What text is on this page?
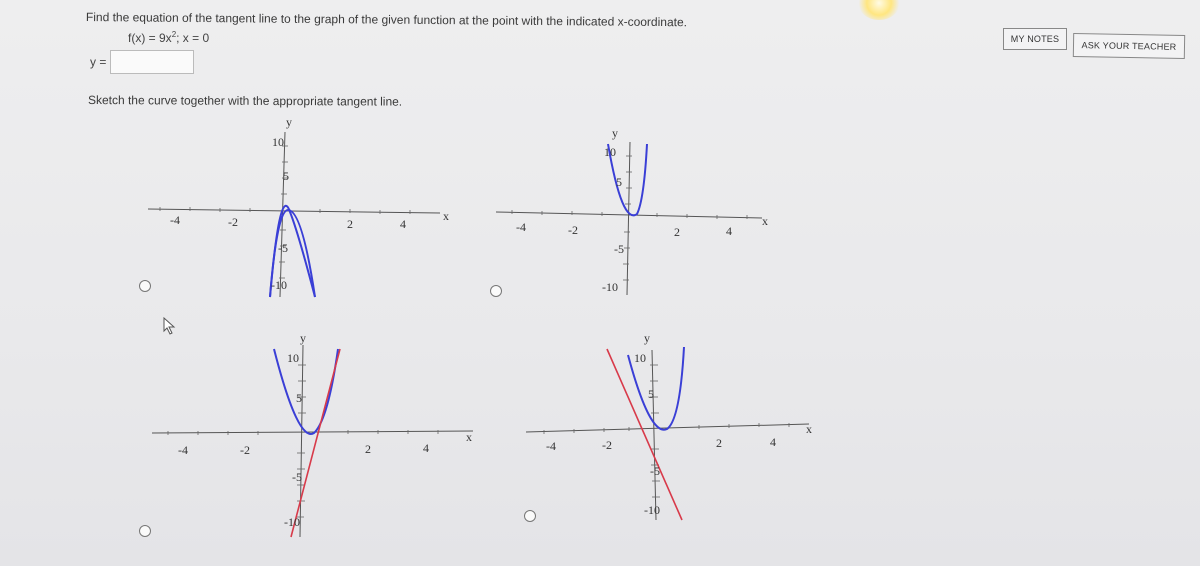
Find the equation of the tangent line to the graph of the given function at the point with the indicated x-coordinate.
$f(x) = 9x^2$; x = 0
y =
Sketch the curve together with the appropriate tangent line.
MY NOTES
ASK YOUR TEACHER
y
x
-4	-2	2	4
10
5
-5
-10
y
x
-4	-2	2	4
10
5
-5
-10
y
x
-4	-2	2	4
10
5
-5
-10
y
x
-4	-2	2	4
10
5
-5
-10
